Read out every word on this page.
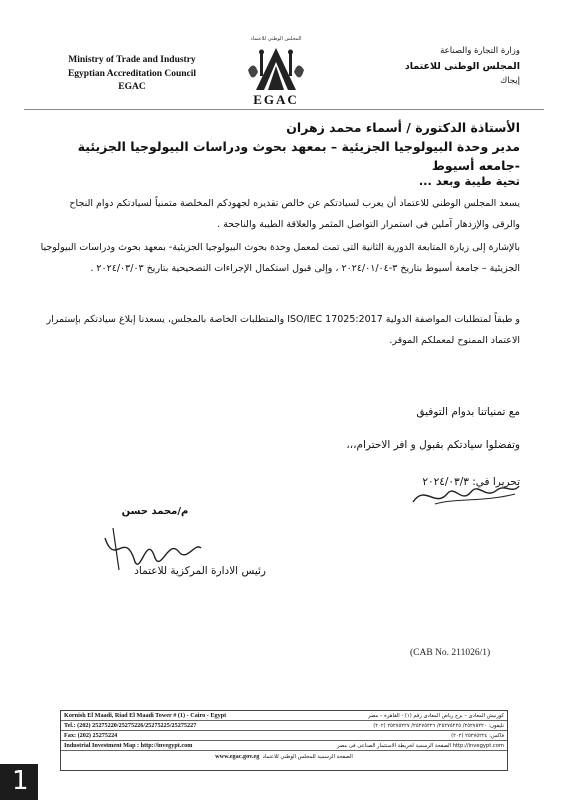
Ministry of Trade and Industry
Egyptian Accreditation Council
EGAC
المجلس الوطني للاعتماد
EGAC
وزارة التجارة والصناعة
المجلس الوطنى للاعتماد
إيجاك
الأستاذة الدكتورة / أسماء محمد زهران
مدير وحدة البيولوجيا الجزيئية – بمعهد بحوث ودراسات البيولوجيا الجزيئية -جامعه أسيوط
تحية طيبة وبعد ...
يسعد المجلس الوطني للاعتماد أن يعرب لسيادتكم عن خالص تقديره لجهودكم المخلصة متمنياً لسيادتكم دوام النجاح والرقى والإزدهار آملين فى استمرار التواصل المثمر والعلاقة الطيبة والناجحة .
بالإشارة إلى زيارة المتابعة الدورية الثانية التى تمت لمعمل وحدة بحوث البيولوجيا الجزيئية- بمعهد بحوث ودراسات البيولوجيا الجزيئية – جامعة أسيوط بتاريخ ٣-٢٠٢٤/٠١/٠٤ ، وإلى قبول استكمال الإجراءات التصحيحية بتاريخ ٢٠٢٤/٠٣/٠٣ .
و طبقاً لمتطلبات المواصفة الدولية ISO/IEC 17025:2017 والمتطلبات الخاصة بالمجلس، يسعدنا إبلاغ سيادتكم بإستمرار الاعتماد الممنوح لمعملكم الموقر.
مع تمنياتنا بدوام التوفيق
وتفضلوا سيادتكم بقبول و افر الاحترام،،،
تحريرا في: ٢٠٢٤/٠٣/٣
م/محمد حسن
رئيس الادارة المركزية للاعتماد
(CAB No. 211026/1)
Kornish El Maadi, Riad El Maadi Tower # (1) - Cairo - Egypt	كورنيش المعادى – برج رياض المعادى رقم (١) - القاهرة – مصر
Tel.: (202) 25275220/25275226/25275225/25275227	تليفون: ٢٥٢٧٥٢٢٠/ ٢٥٢٧٥٢٢٥/ ٢٥٢٧٥٢٢٦/ ٢٥٢٧٥٢٢٧ (٢٠٢)
Fax: (202) 25275224	فاكس: ٢٥٢٧٥٢٢٤ (٢٠٢)
Industrial Investment Map : http://invegypt.com	http://invegypt.com الصفحة الرسمية لخريطة الاستثمار الصناعى فى مصر
www.egac.gov.eg الصفحة الرسمية للمجلس الوطني للاعتماد
1
